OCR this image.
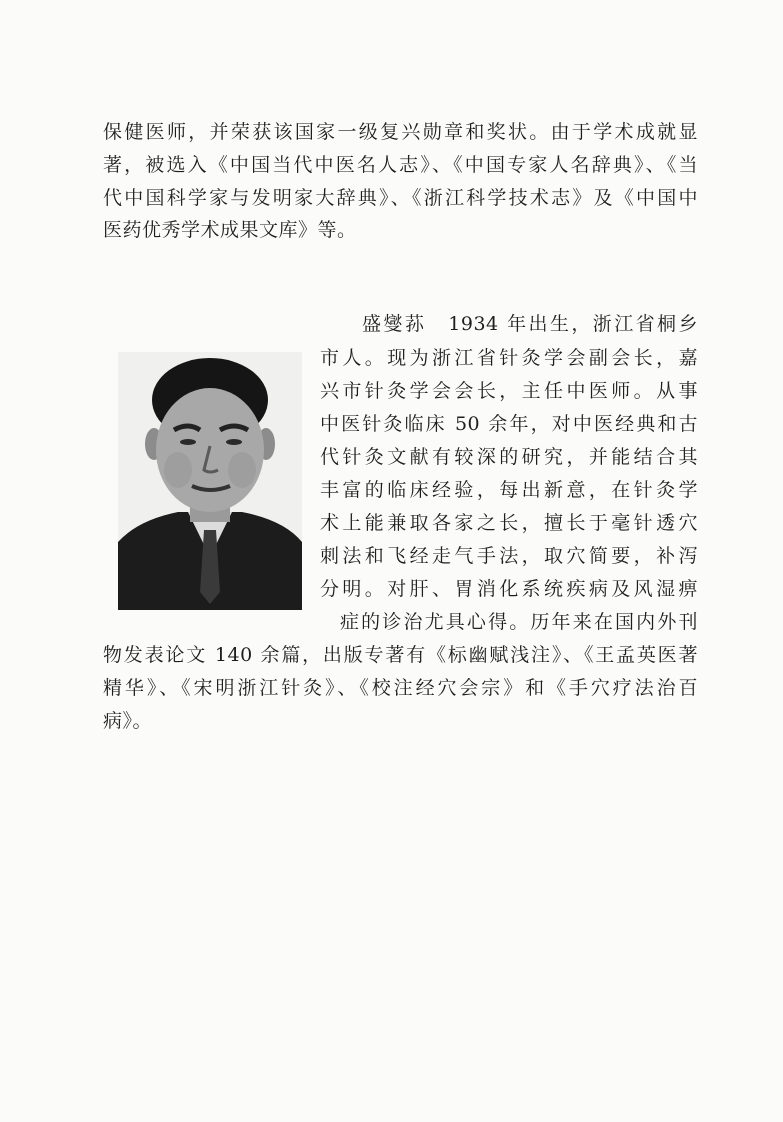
保健医师，并荣获该国家一级复兴勋章和奖状。由于学术成就显
著，被选入《中国当代中医名人志》、《中国专家人名辞典》、《当
代中国科学家与发明家大辞典》、《浙江科学技术志》及《中国中
医药优秀学术成果文库》等。
盛燮荪 1934 年出生，浙江省桐乡
市人。现为浙江省针灸学会副会长，嘉
兴市针灸学会会长，主任中医师。从事
中医针灸临床 50 余年，对中医经典和古
代针灸文献有较深的研究，并能结合其
丰富的临床经验，每出新意，在针灸学
术上能兼取各家之长，擅长于毫针透穴
刺法和飞经走气手法，取穴简要，补泻
分明。对肝、胃消化系统疾病及风湿痹
症的诊治尤具心得。历年来在国内外刊
物发表论文 140 余篇，出版专著有《标幽赋浅注》、《王孟英医著
精华》、《宋明浙江针灸》、《校注经穴会宗》和《手穴疗法治百
病》。
